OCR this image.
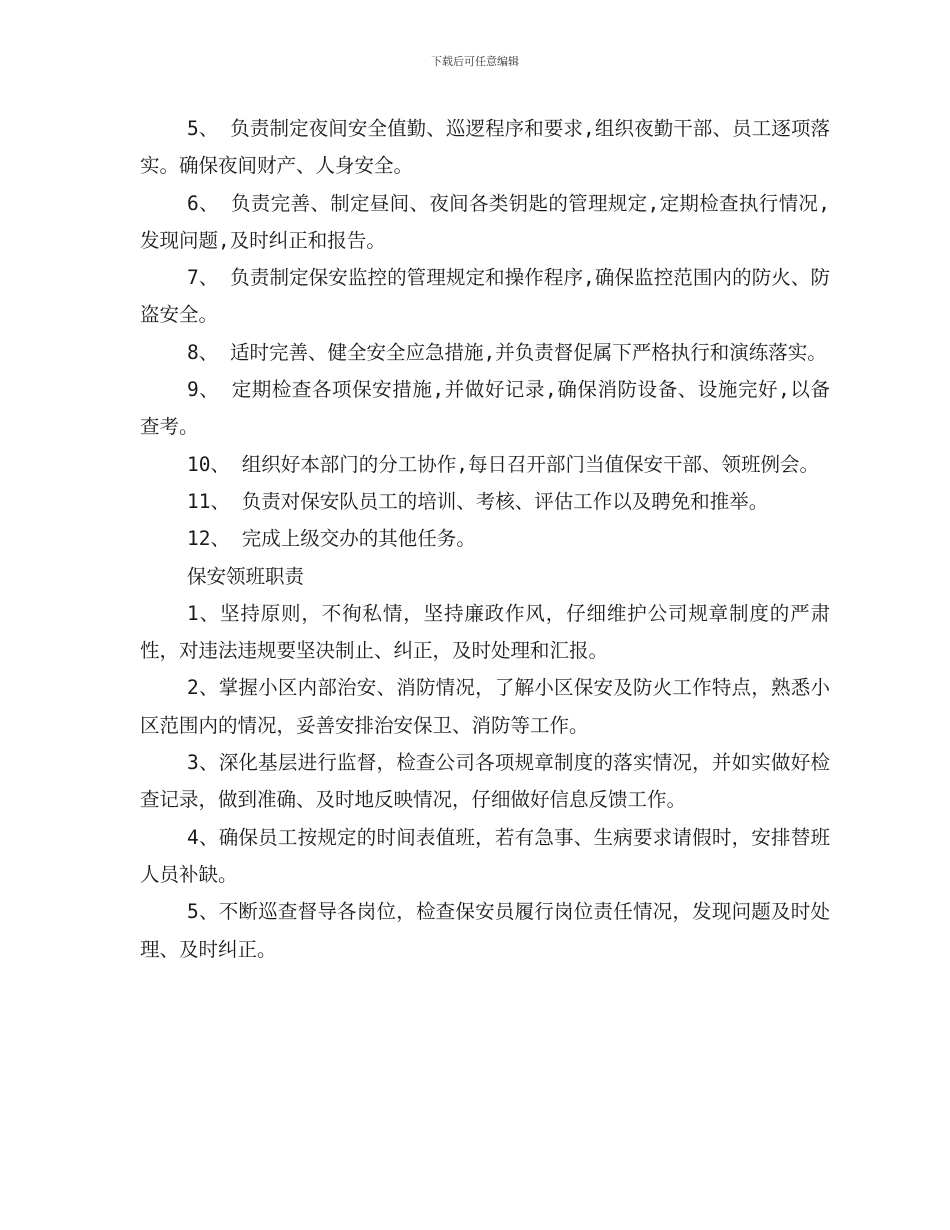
下载后可任意编辑

5、 负责制定夜间安全值勤、巡逻程序和要求,组织夜勤干部、员工逐项落实。确保夜间财产、人身安全。

6、 负责完善、制定昼间、夜间各类钥匙的管理规定,定期检查执行情况,发现问题,及时纠正和报告。

7、 负责制定保安监控的管理规定和操作程序,确保监控范围内的防火、防盗安全。

8、 适时完善、健全安全应急措施,并负责督促属下严格执行和演练落实。

9、 定期检查各项保安措施,并做好记录,确保消防设备、设施完好,以备查考。

10、 组织好本部门的分工协作,每日召开部门当值保安干部、领班例会。

11、 负责对保安队员工的培训、考核、评估工作以及聘免和推举。

12、 完成上级交办的其他任务。

保安领班职责

1、坚持原则，不徇私情，坚持廉政作风，仔细维护公司规章制度的严肃性，对违法违规要坚决制止、纠正，及时处理和汇报。

2、掌握小区内部治安、消防情况，了解小区保安及防火工作特点，熟悉小区范围内的情况，妥善安排治安保卫、消防等工作。

3、深化基层进行监督，检查公司各项规章制度的落实情况，并如实做好检查记录，做到准确、及时地反映情况，仔细做好信息反馈工作。

4、确保员工按规定的时间表值班，若有急事、生病要求请假时，安排替班人员补缺。

5、不断巡查督导各岗位，检查保安员履行岗位责任情况，发现问题及时处理、及时纠正。
